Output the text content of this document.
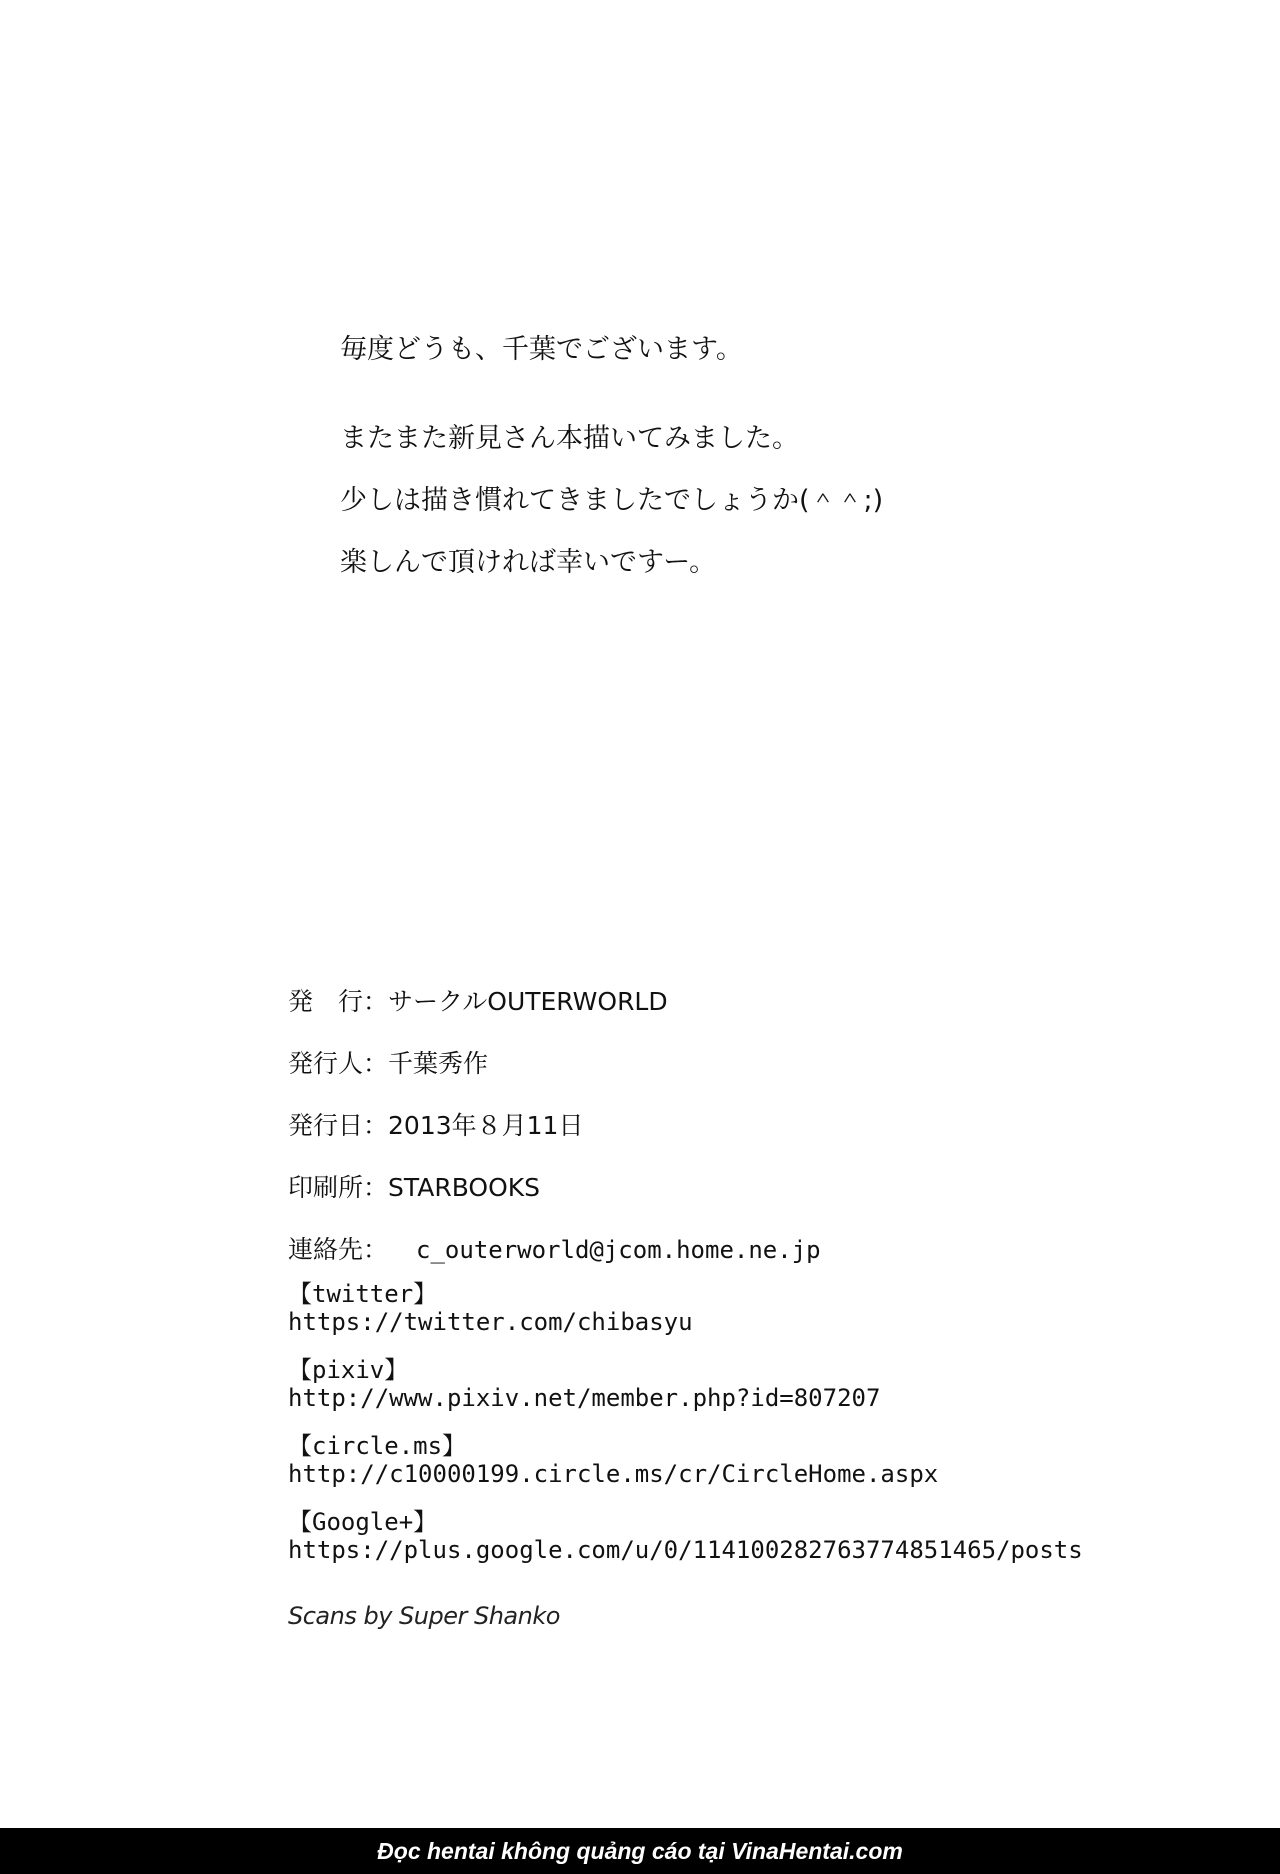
毎度どうも、千葉でございます。

またまた新見さん本描いてみました。

少しは描き慣れてきましたでしょうか(＾＾;)

楽しんで頂ければ幸いですー。

発　行：サークルOUTERWORLD
発行人：千葉秀作
発行日：2013年８月11日
印刷所：STARBOOKS
連絡先： c_outerworld@jcom.home.ne.jp

【twitter】

https://twitter.com/chibasyu

【pixiv】

http://www.pixiv.net/member.php?id=807207

【circle.ms】

http://c10000199.circle.ms/cr/CircleHome.aspx

【Google+】

https://plus.google.com/u/0/114100282763774851465/posts

Scans by Super Shanko
Đọc hentai không quảng cáo tại VinaHentai.com
